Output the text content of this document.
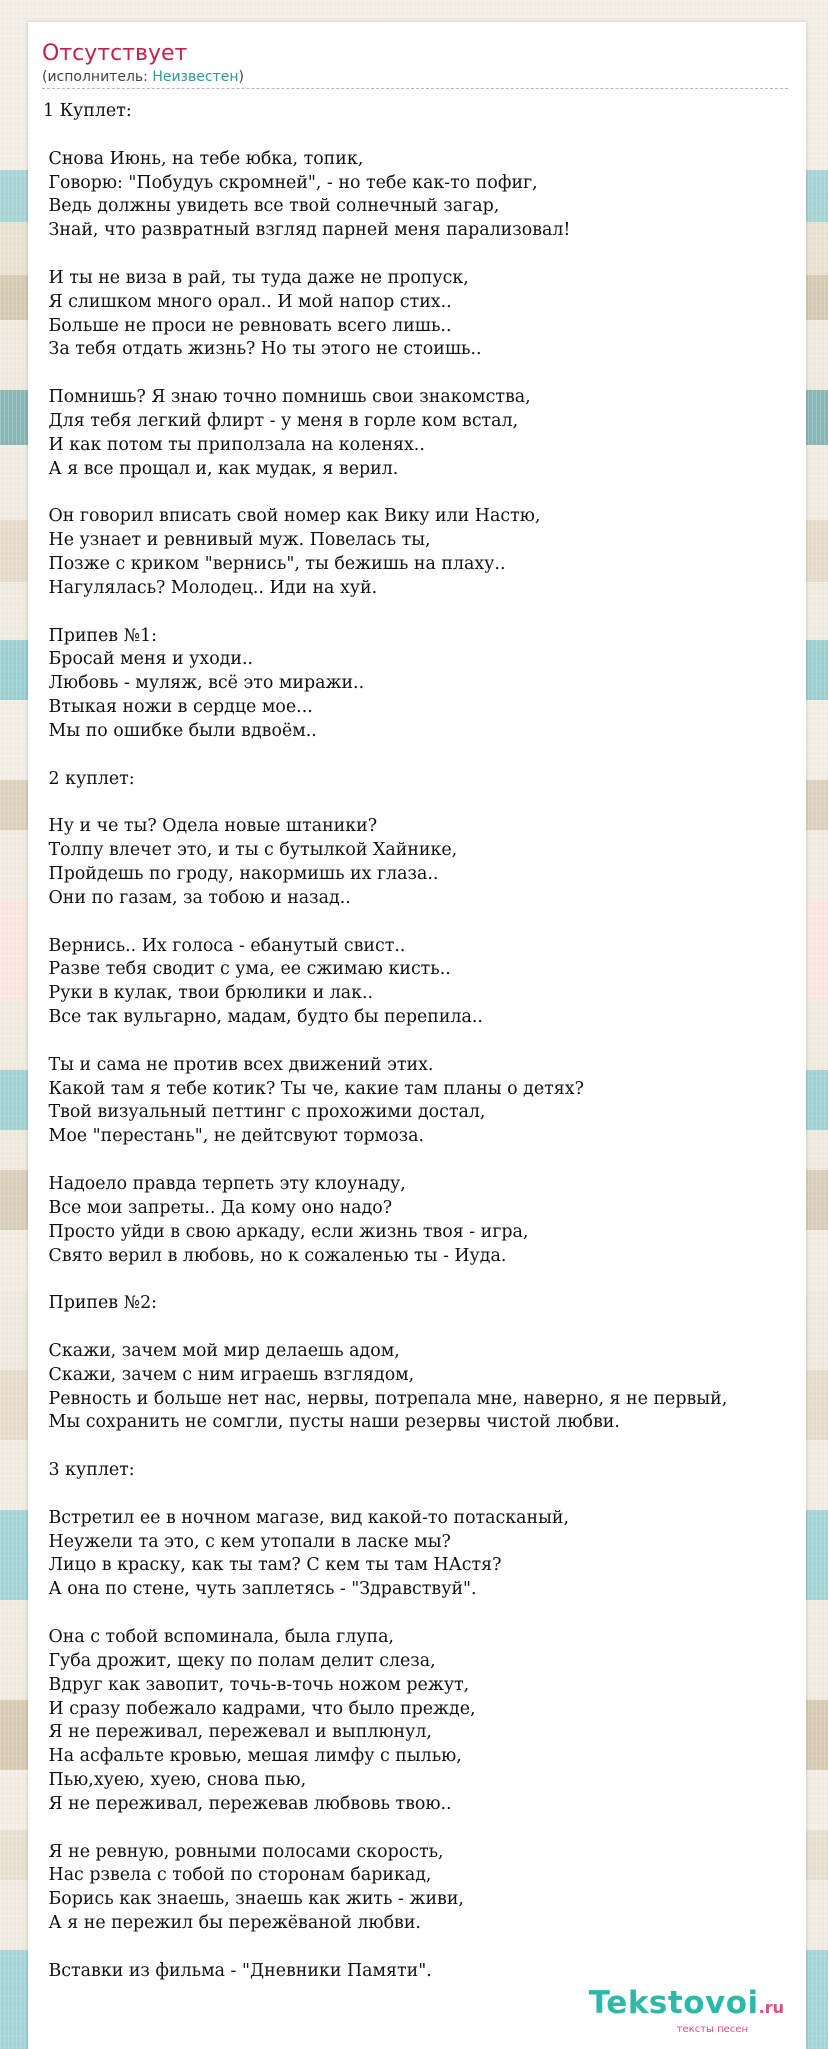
Отсутствует
(исполнитель: Неизвестен)
1 Куплет:

Снова Июнь, на тебе юбка, топик,
Говорю: "Побудуь скромней", - но тебе как-то пофиг,
Ведь должны увидеть все твой солнечный загар,
Знай, что развратный взгляд парней меня парализовал!

И ты не виза в рай, ты туда даже не пропуск,
Я слишком много орал.. И мой напор стих..
Больше не проси не ревновать всего лишь..
За тебя отдать жизнь? Но ты этого не стоишь..

Помнишь? Я знаю точно помнишь свои знакомства,
Для тебя легкий флирт - у меня в горле ком встал,
И как потом ты приползала на коленях..
А я все прощал и, как мудак, я верил.

Он говорил вписать свой номер как Вику или Настю,
Не узнает и ревнивый муж. Повелась ты,
Позже с криком "вернись", ты бежишь на плаху..
Нагулялась? Молодец.. Иди на хуй.

Припев №1:
Бросай меня и уходи..
Любовь - муляж, всё это миражи..
Втыкая ножи в сердце мое...
Мы по ошибке были вдвоём..

2 куплет:

Ну и че ты? Одела новые штаники?
Толпу влечет это, и ты с бутылкой Хайнике,
Пройдешь по гроду, накормишь их глаза..
Они по газам, за тобою и назад..

Вернись.. Их голоса - ебанутый свист..
Разве тебя сводит с ума, ее сжимаю кисть..
Руки в кулак, твои брюлики и лак..
Все так вульгарно, мадам, будто бы перепила..

Ты и сама не против всех движений этих.
Какой там я тебе котик? Ты че, какие там планы о детях?
Твой визуальный петтинг с прохожими достал,
Мое "перестань", не дейтсвуют тормоза.

Надоело правда терпеть эту клоунаду,
Все мои запреты.. Да кому оно надо?
Просто уйди в свою аркаду, если жизнь твоя - игра,
Свято верил в любовь, но к сожаленью ты - Иуда.

Припев №2:

Скажи, зачем мой мир делаешь адом,
Скажи, зачем с ним играешь взглядом,
Ревность и больше нет нас, нервы, потрепала мне, наверно, я не первый,
Мы сохранить не сомгли, пусты наши резервы чистой любви.

3 куплет:

Встретил ее в ночном магазе, вид какой-то потасканый,
Неужели та это, с кем утопали в ласке мы?
Лицо в краску, как ты там? С кем ты там НАстя?
А она по стене, чуть заплетясь - "Здравствуй".

Она с тобой вспоминала, была глупа,
Губа дрожит, щеку по полам делит слеза,
Вдруг как завопит, точь-в-точь ножом режут,
И сразу побежало кадрами, что было прежде,
Я не переживал, пережевал и выплюнул,
На асфальте кровью, мешая лимфу с пылью,
Пью,хуею, хуею, снова пью,
Я не переживал, пережевав любвовь твою..

Я не ревную, ровными полосами скорость,
Нас рзвела с тобой по сторонам барикад,
Борись как знаешь, знаешь как жить - живи,
А я не пережил бы пережёваной любви.

Вставки из фильма - "Дневники Памяти".
Tekstovoi.ru
тексты песен
